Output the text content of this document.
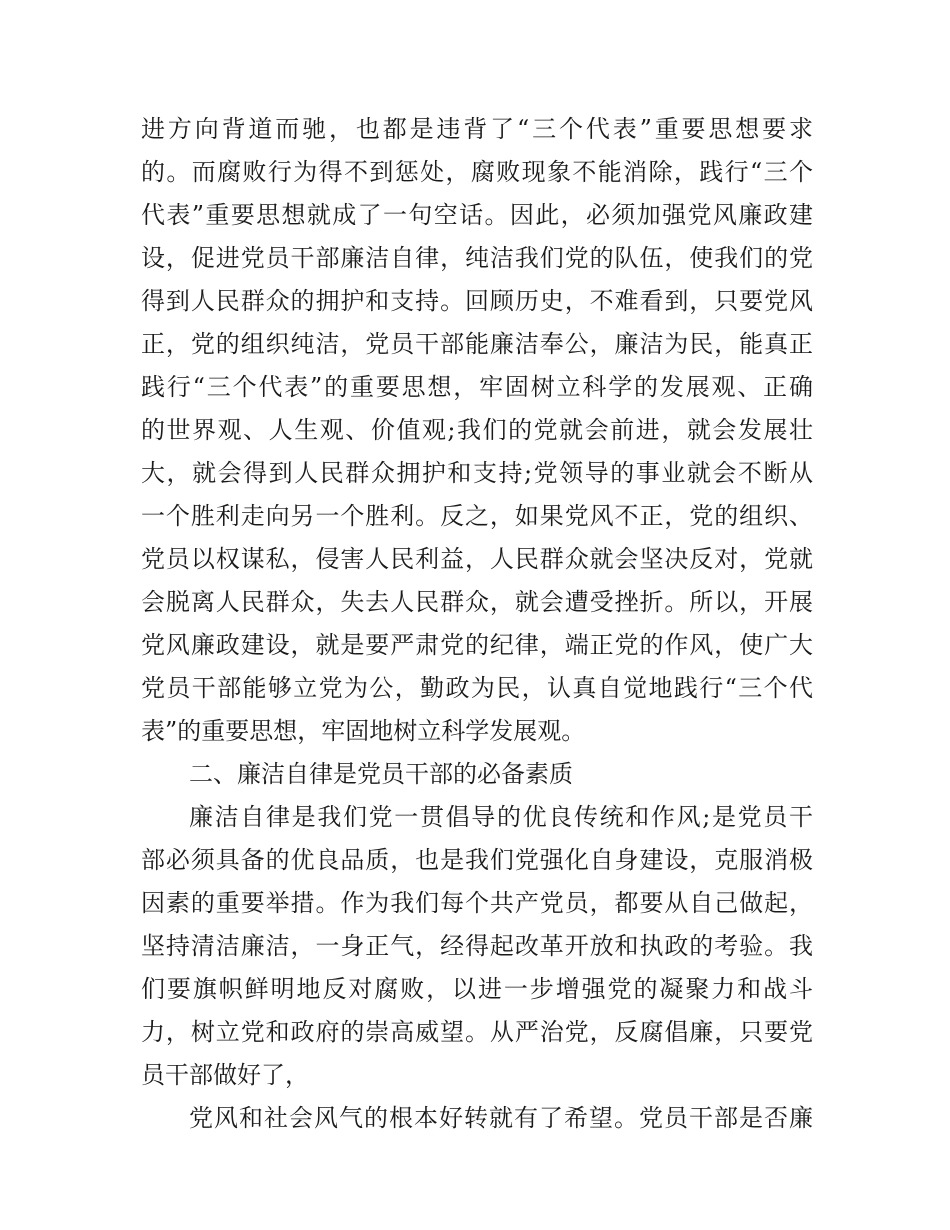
进方向背道而驰，也都是违背了“三个代表”重要思想要求
的。而腐败行为得不到惩处，腐败现象不能消除，践行“三个
代表”重要思想就成了一句空话。因此，必须加强党风廉政建
设，促进党员干部廉洁自律，纯洁我们党的队伍，使我们的党
得到人民群众的拥护和支持。回顾历史，不难看到，只要党风
正，党的组织纯洁，党员干部能廉洁奉公，廉洁为民，能真正
践行“三个代表”的重要思想，牢固树立科学的发展观、正确
的世界观、人生观、价值观;我们的党就会前进，就会发展壮
大，就会得到人民群众拥护和支持;党领导的事业就会不断从
一个胜利走向另一个胜利。反之，如果党风不正，党的组织、
党员以权谋私，侵害人民利益，人民群众就会坚决反对，党就
会脱离人民群众，失去人民群众，就会遭受挫折。所以，开展
党风廉政建设，就是要严肃党的纪律，端正党的作风，使广大
党员干部能够立党为公，勤政为民，认真自觉地践行“三个代
表”的重要思想，牢固地树立科学发展观。
二、廉洁自律是党员干部的必备素质
廉洁自律是我们党一贯倡导的优良传统和作风;是党员干
部必须具备的优良品质，也是我们党强化自身建设，克服消极
因素的重要举措。作为我们每个共产党员，都要从自己做起，
坚持清洁廉洁，一身正气，经得起改革开放和执政的考验。我
们要旗帜鲜明地反对腐败，以进一步增强党的凝聚力和战斗
力，树立党和政府的崇高威望。从严治党，反腐倡廉，只要党
员干部做好了，
党风和社会风气的根本好转就有了希望。党员干部是否廉
